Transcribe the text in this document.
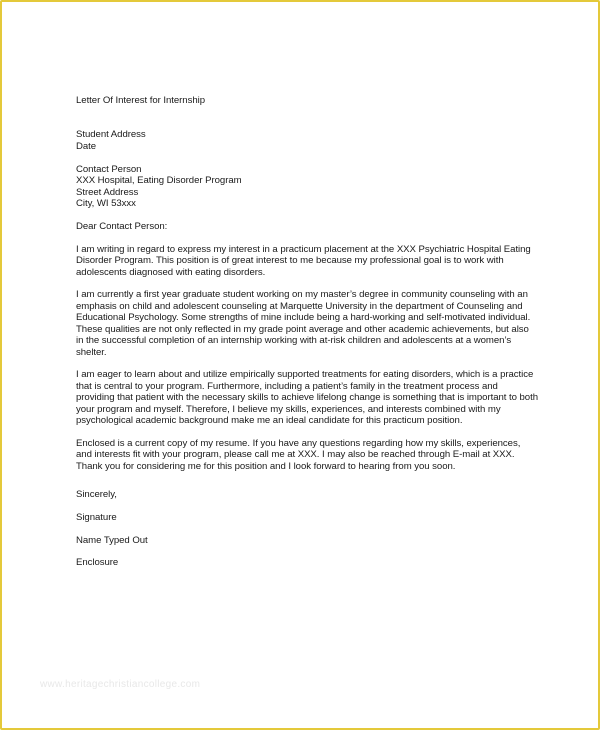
Letter Of Interest for Internship

Student Address

Date

Contact Person

XXX Hospital, Eating Disorder Program

Street Address

City, WI 53xxx

Dear Contact Person:

I am writing in regard to express my interest in a practicum placement at the XXX Psychiatric Hospital Eating Disorder Program. This position is of great interest to me because my professional goal is to work with adolescents diagnosed with eating disorders.

I am currently a first year graduate student working on my master’s degree in community counseling with an emphasis on child and adolescent counseling at Marquette University in the department of Counseling and Educational Psychology. Some strengths of mine include being a hard-working and self-motivated individual. These qualities are not only reflected in my grade point average and other academic achievements, but also in the successful completion of an internship working with at-risk children and adolescents at a women’s shelter.

I am eager to learn about and utilize empirically supported treatments for eating disorders, which is a practice that is central to your program. Furthermore, including a patient’s family in the treatment process and providing that patient with the necessary skills to achieve lifelong change is something that is important to both your program and myself. Therefore, I believe my skills, experiences, and interests combined with my psychological academic background make me an ideal candidate for this practicum position.

Enclosed is a current copy of my resume. If you have any questions regarding how my skills, experiences, and interests fit with your program, please call me at XXX. I may also be reached through E-mail at XXX. Thank you for considering me for this position and I look forward to hearing from you soon.

Sincerely,

Signature

Name Typed Out

Enclosure

www.heritagechristiancollege.com
